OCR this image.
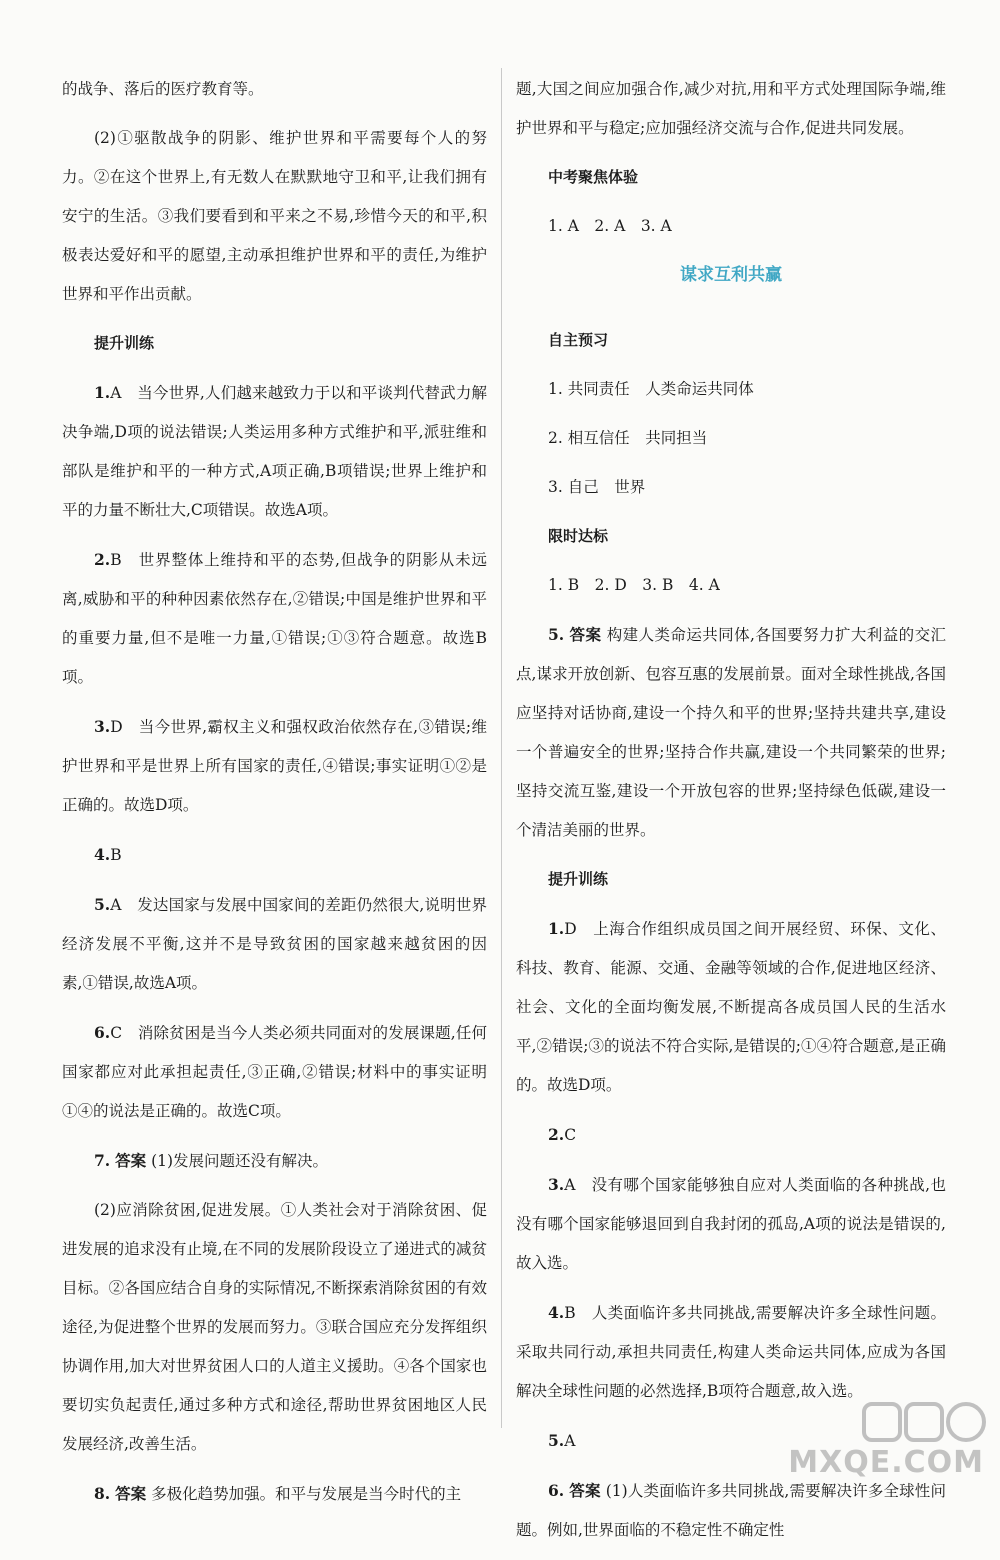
的战争、落后的医疗教育等。

(2)①驱散战争的阴影、维护世界和平需要每个人的努力。②在这个世界上,有无数人在默默地守卫和平,让我们拥有安宁的生活。③我们要看到和平来之不易,珍惜今天的和平,积极表达爱好和平的愿望,主动承担维护世界和平的责任,为维护世界和平作出贡献。

提升训练

1.A　当今世界,人们越来越致力于以和平谈判代替武力解决争端,D项的说法错误;人类运用多种方式维护和平,派驻维和部队是维护和平的一种方式,A项正确,B项错误;世界上维护和平的力量不断壮大,C项错误。故选A项。

2.B　世界整体上维持和平的态势,但战争的阴影从未远离,威胁和平的种种因素依然存在,②错误;中国是维护世界和平的重要力量,但不是唯一力量,①错误;①③符合题意。故选B项。

3.D　当今世界,霸权主义和强权政治依然存在,③错误;维护世界和平是世界上所有国家的责任,④错误;事实证明①②是正确的。故选D项。

4.B

5.A　发达国家与发展中国家间的差距仍然很大,说明世界经济发展不平衡,这并不是导致贫困的国家越来越贫困的因素,①错误,故选A项。

6.C　消除贫困是当今人类必须共同面对的发展课题,任何国家都应对此承担起责任,③正确,②错误;材料中的事实证明①④的说法是正确的。故选C项。

7. 答案 (1)发展问题还没有解决。

(2)应消除贫困,促进发展。①人类社会对于消除贫困、促进发展的追求没有止境,在不同的发展阶段设立了递进式的减贫目标。②各国应结合自身的实际情况,不断探索消除贫困的有效途径,为促进整个世界的发展而努力。③联合国应充分发挥组织协调作用,加大对世界贫困人口的人道主义援助。④各个国家也要切实负起责任,通过多种方式和途径,帮助世界贫困地区人民发展经济,改善生活。

8. 答案 多极化趋势加强。和平与发展是当今时代的主

题,大国之间应加强合作,减少对抗,用和平方式处理国际争端,维护世界和平与稳定;应加强经济交流与合作,促进共同发展。

中考聚焦体验

1. A　2. A　3. A

谋求互利共赢
自主预习

1. 共同责任　人类命运共同体

2. 相互信任　共同担当

3. 自己　世界

限时达标

1. B　2. D　3. B　4. A

5. 答案 构建人类命运共同体,各国要努力扩大利益的交汇点,谋求开放创新、包容互惠的发展前景。面对全球性挑战,各国应坚持对话协商,建设一个持久和平的世界;坚持共建共享,建设一个普遍安全的世界;坚持合作共赢,建设一个共同繁荣的世界;坚持交流互鉴,建设一个开放包容的世界;坚持绿色低碳,建设一个清洁美丽的世界。

提升训练

1.D　上海合作组织成员国之间开展经贸、环保、文化、科技、教育、能源、交通、金融等领域的合作,促进地区经济、社会、文化的全面均衡发展,不断提高各成员国人民的生活水平,②错误;③的说法不符合实际,是错误的;①④符合题意,是正确的。故选D项。

2.C

3.A　没有哪个国家能够独自应对人类面临的各种挑战,也没有哪个国家能够退回到自我封闭的孤岛,A项的说法是错误的,故入选。

4.B　人类面临许多共同挑战,需要解决许多全球性问题。采取共同行动,承担共同责任,构建人类命运共同体,应成为各国解决全球性问题的必然选择,B项符合题意,故入选。

5.A

6. 答案 (1)人类面临许多共同挑战,需要解决许多全球性问题。例如,世界面临的不稳定性不确定性

MXQE.COM
